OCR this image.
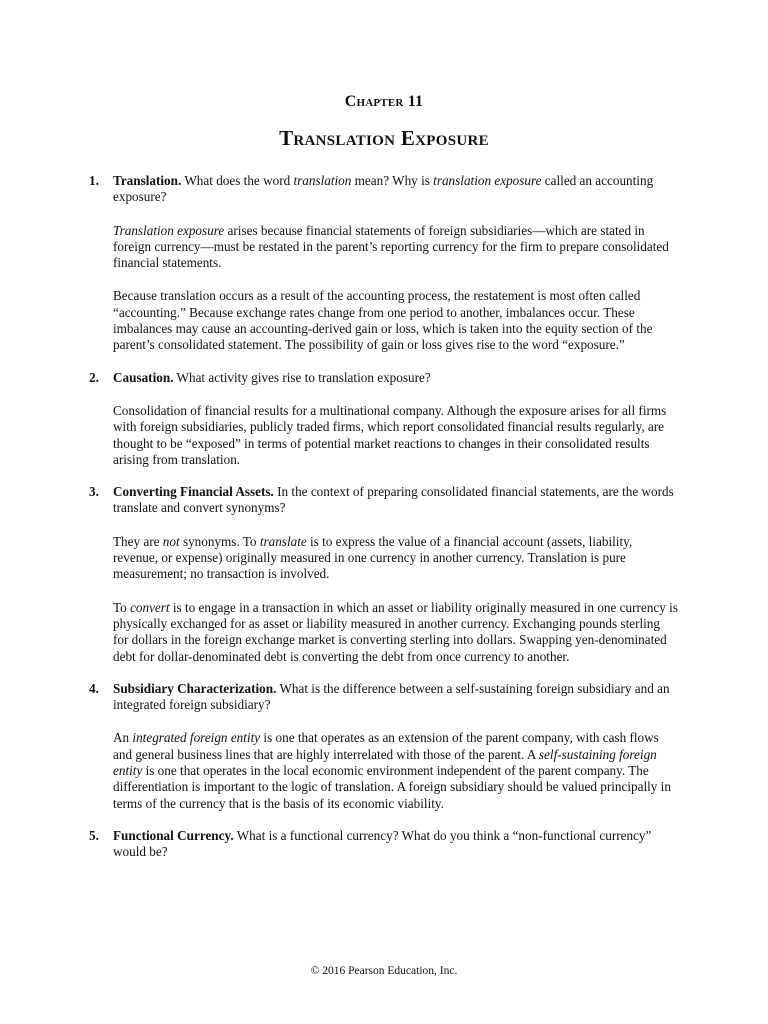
Chapter 11
Translation Exposure
1. Translation. What does the word translation mean? Why is translation exposure called an accounting exposure?
Translation exposure arises because financial statements of foreign subsidiaries—which are stated in foreign currency—must be restated in the parent’s reporting currency for the firm to prepare consolidated financial statements.
Because translation occurs as a result of the accounting process, the restatement is most often called “accounting.” Because exchange rates change from one period to another, imbalances occur. These imbalances may cause an accounting-derived gain or loss, which is taken into the equity section of the parent’s consolidated statement. The possibility of gain or loss gives rise to the word “exposure.”
2. Causation. What activity gives rise to translation exposure?
Consolidation of financial results for a multinational company. Although the exposure arises for all firms with foreign subsidiaries, publicly traded firms, which report consolidated financial results regularly, are thought to be “exposed” in terms of potential market reactions to changes in their consolidated results arising from translation.
3. Converting Financial Assets. In the context of preparing consolidated financial statements, are the words translate and convert synonyms?
They are not synonyms. To translate is to express the value of a financial account (assets, liability, revenue, or expense) originally measured in one currency in another currency. Translation is pure measurement; no transaction is involved.
To convert is to engage in a transaction in which an asset or liability originally measured in one currency is physically exchanged for as asset or liability measured in another currency. Exchanging pounds sterling for dollars in the foreign exchange market is converting sterling into dollars. Swapping yen-denominated debt for dollar-denominated debt is converting the debt from once currency to another.
4. Subsidiary Characterization. What is the difference between a self-sustaining foreign subsidiary and an integrated foreign subsidiary?
An integrated foreign entity is one that operates as an extension of the parent company, with cash flows and general business lines that are highly interrelated with those of the parent. A self-sustaining foreign entity is one that operates in the local economic environment independent of the parent company. The differentiation is important to the logic of translation. A foreign subsidiary should be valued principally in terms of the currency that is the basis of its economic viability.
5. Functional Currency. What is a functional currency? What do you think a “non-functional currency” would be?
© 2016 Pearson Education, Inc.
